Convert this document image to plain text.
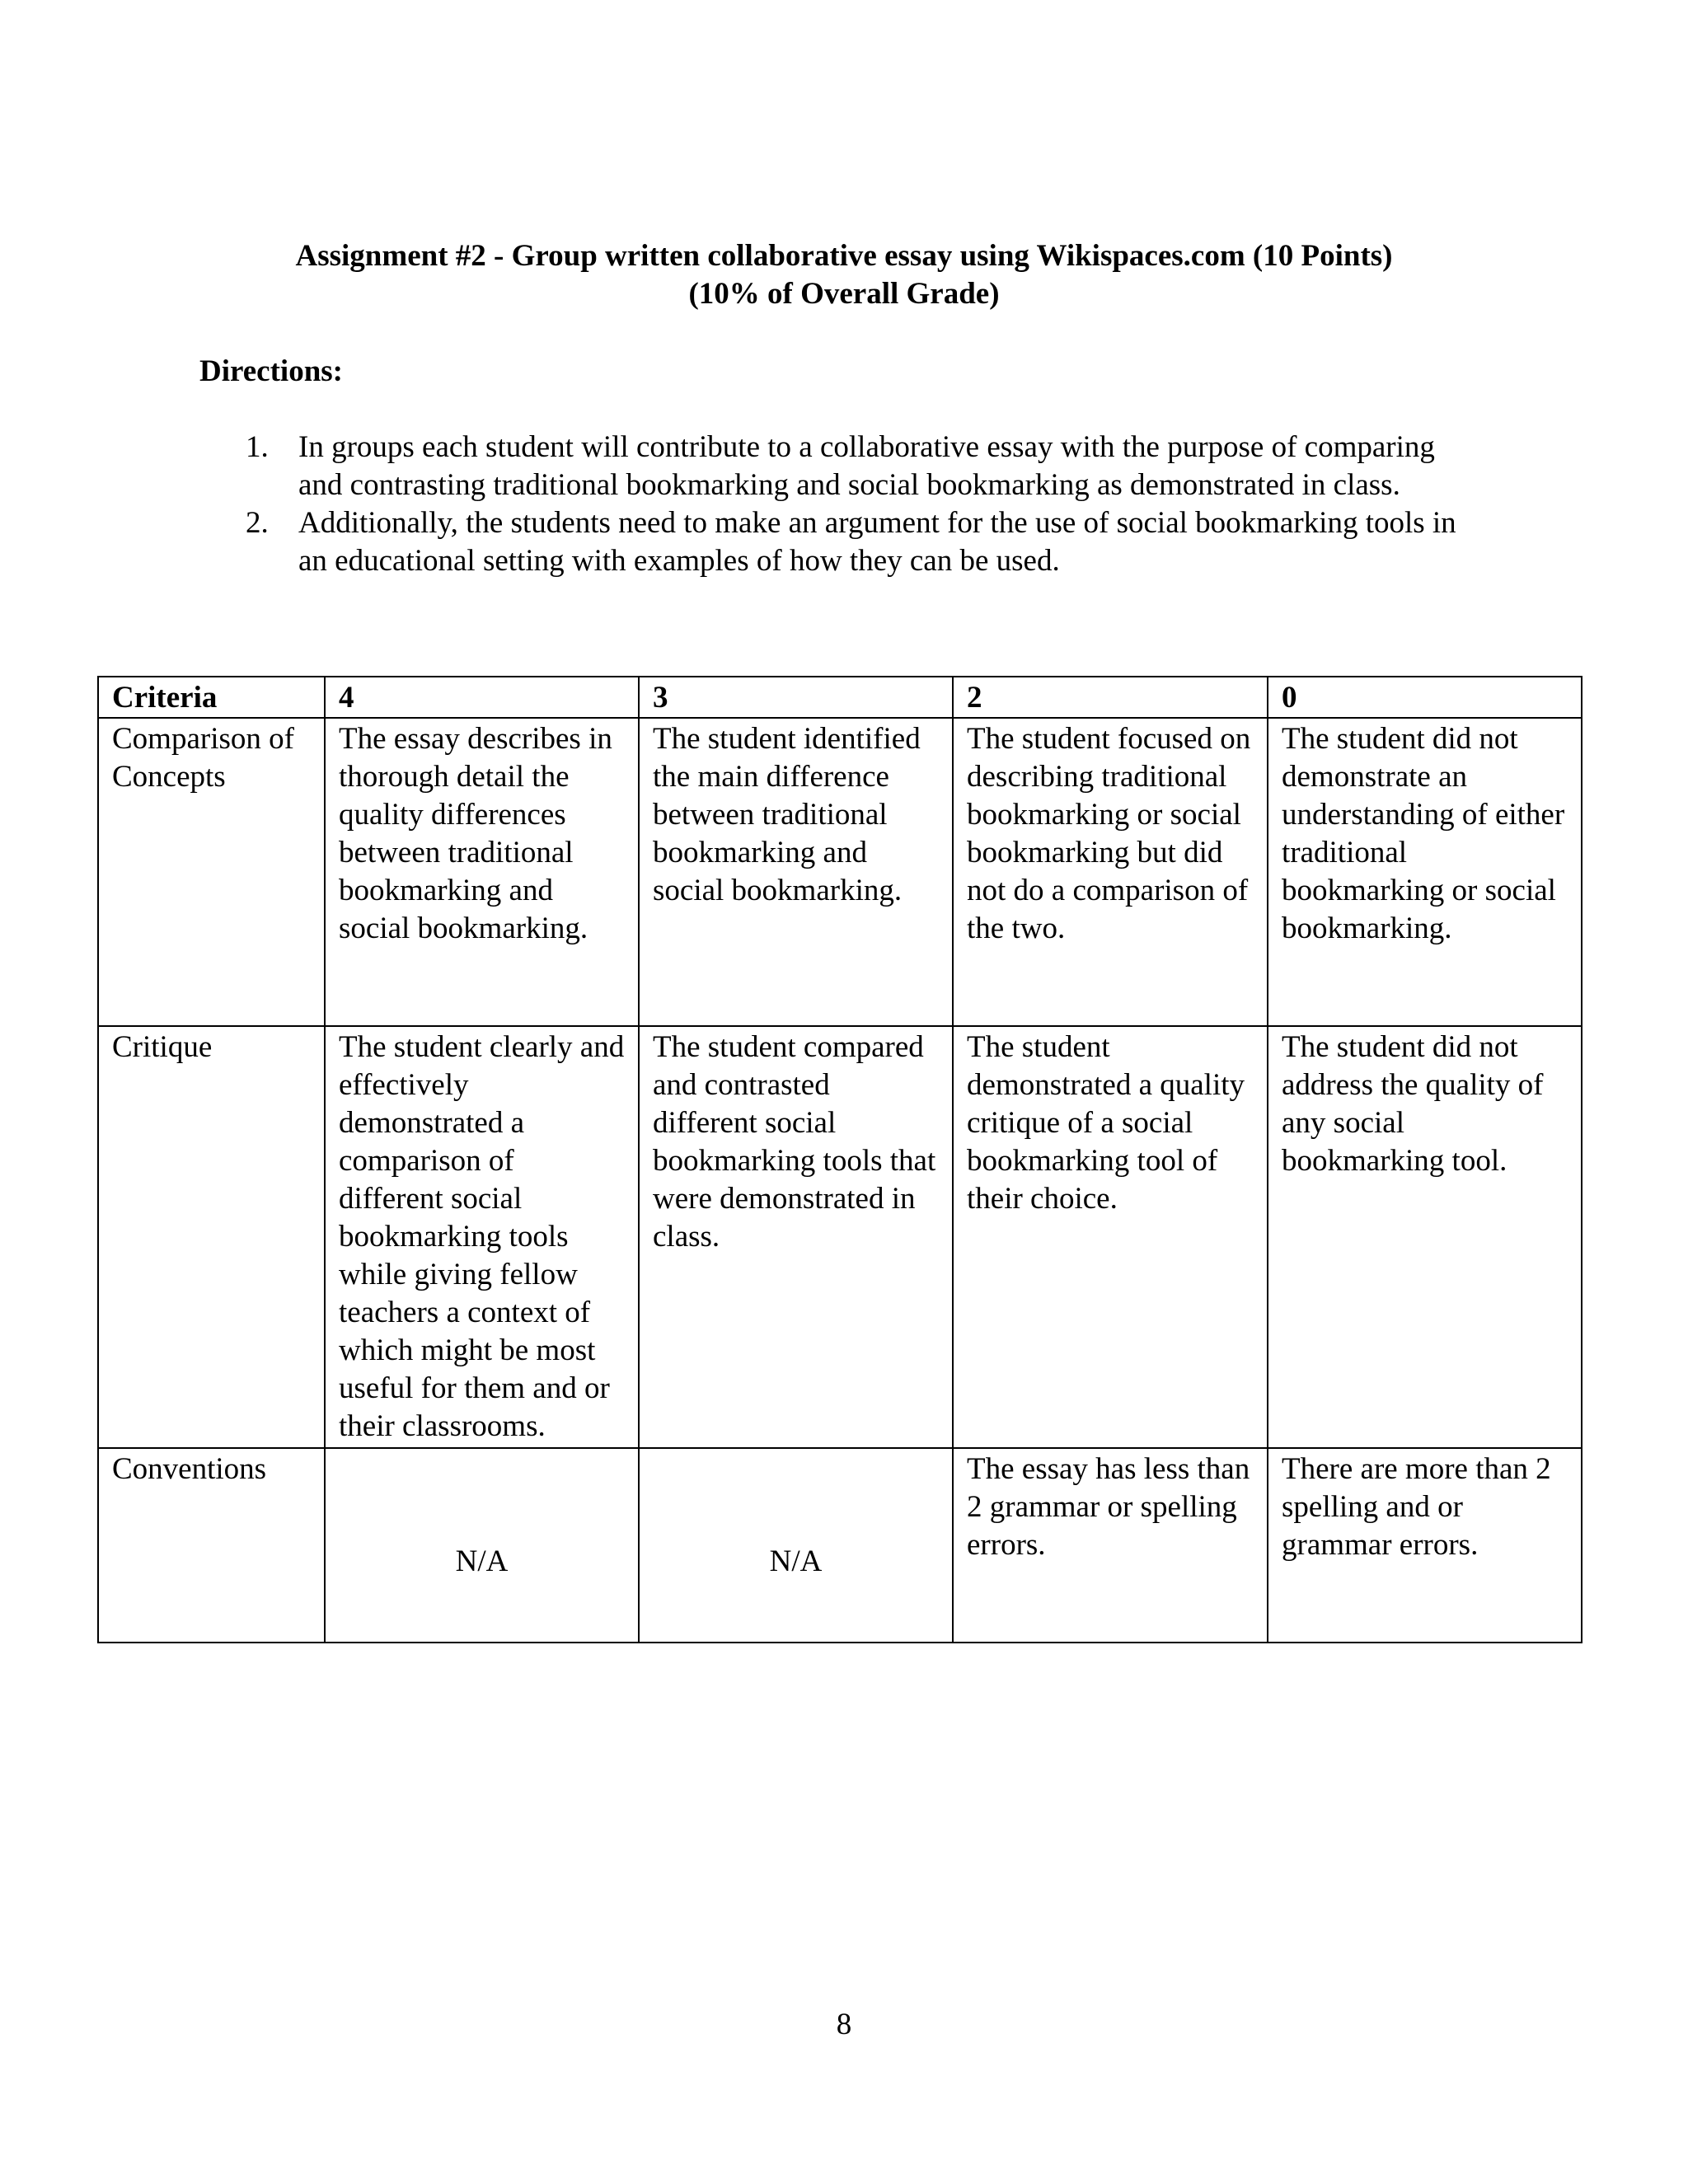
Assignment #2 - Group written collaborative essay using Wikispaces.com (10 Points)
(10% of Overall Grade)
Directions:
1. In groups each student will contribute to a collaborative essay with the purpose of comparing and contrasting traditional bookmarking and social bookmarking as demonstrated in class.
2. Additionally, the students need to make an argument for the use of social bookmarking tools in an educational setting with examples of how they can be used.
Criteria	4	3	2	0
Comparison of Concepts	The essay describes in thorough detail the quality differences between traditional bookmarking and social bookmarking.	The student identified the main difference between traditional bookmarking and social bookmarking.	The student focused on describing traditional bookmarking or social bookmarking but did not do a comparison of the two.	The student did not demonstrate an understanding of either traditional bookmarking or social bookmarking.
Critique	The student clearly and effectively demonstrated a comparison of different social bookmarking tools while giving fellow teachers a context of which might be most useful for them and or their classrooms.	The student compared and contrasted different social bookmarking tools that were demonstrated in class.	The student demonstrated a quality critique of a social bookmarking tool of their choice.	The student did not address the quality of any social bookmarking tool.
Conventions	N/A	N/A	The essay has less than 2 grammar or spelling errors.	There are more than 2 spelling and or grammar errors.
8
